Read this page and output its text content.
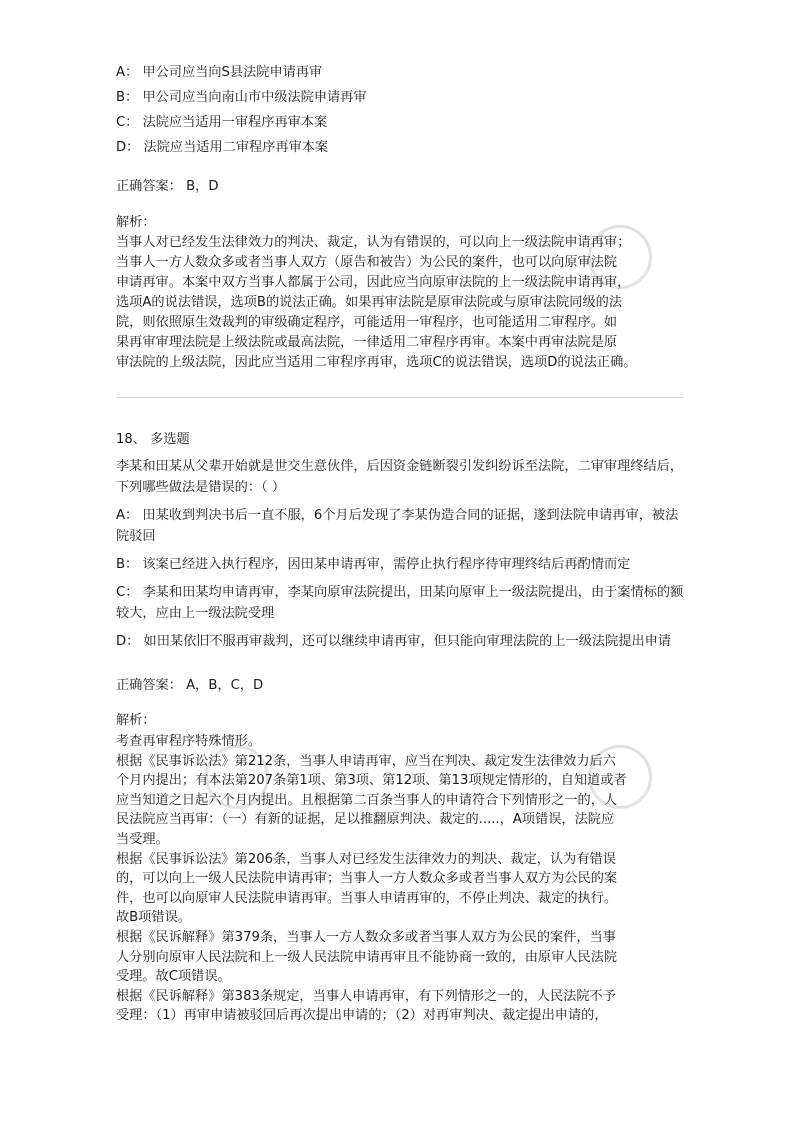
A： 甲公司应当向S县法院申请再审
B： 甲公司应当向南山市中级法院申请再审
C： 法院应当适用一审程序再审本案
D： 法院应当适用二审程序再审本案
正确答案： B，D
解析：
当事人对已经发生法律效力的判决、裁定，认为有错误的，可以向上一级法院申请再审；
当事人一方人数众多或者当事人双方（原告和被告）为公民的案件，也可以向原审法院
申请再审。本案中双方当事人都属于公司，因此应当向原审法院的上一级法院申请再审，
选项A的说法错误，选项B的说法正确。如果再审法院是原审法院或与原审法院同级的法
院，则依照原生效裁判的审级确定程序，可能适用一审程序，也可能适用二审程序。如
果再审审理法院是上级法院或最高法院，一律适用二审程序再审。本案中再审法院是原
审法院的上级法院，因此应当适用二审程序再审，选项C的说法错误，选项D的说法正确。
18、 多选题
李某和田某从父辈开始就是世交生意伙伴，后因资金链断裂引发纠纷诉至法院，二审审理终结后，下列哪些做法是错误的：（ ）
A： 田某收到判决书后一直不服，6个月后发现了李某伪造合同的证据，遂到法院申请再审，被法院驳回
B： 该案已经进入执行程序，因田某申请再审，需停止执行程序待审理终结后再酌情而定
C： 李某和田某均申请再审，李某向原审法院提出，田某向原审上一级法院提出，由于案情标的额较大，应由上一级法院受理
D： 如田某依旧不服再审裁判，还可以继续申请再审，但只能向审理法院的上一级法院提出申请
正确答案： A，B，C，D
解析：
考查再审程序特殊情形。
根据《民事诉讼法》第212条，当事人申请再审，应当在判决、裁定发生法律效力后六
个月内提出；有本法第207条第1项、第3项、第12项、第13项规定情形的，自知道或者
应当知道之日起六个月内提出。且根据第二百条当事人的申请符合下列情形之一的，人
民法院应当再审：（一）有新的证据，足以推翻原判决、裁定的.....，A项错误，法院应
当受理。
根据《民事诉讼法》第206条，当事人对已经发生法律效力的判决、裁定，认为有错误
的，可以向上一级人民法院申请再审；当事人一方人数众多或者当事人双方为公民的案
件，也可以向原审人民法院申请再审。当事人申请再审的，不停止判决、裁定的执行。
故B项错误。
根据《民诉解释》第379条，当事人一方人数众多或者当事人双方为公民的案件，当事
人分别向原审人民法院和上一级人民法院申请再审且不能协商一致的，由原审人民法院
受理。故C项错误。
根据《民诉解释》第383条规定，当事人申请再审，有下列情形之一的，人民法院不予
受理：（1）再审申请被驳回后再次提出申请的；（2）对再审判决、裁定提出申请的，
